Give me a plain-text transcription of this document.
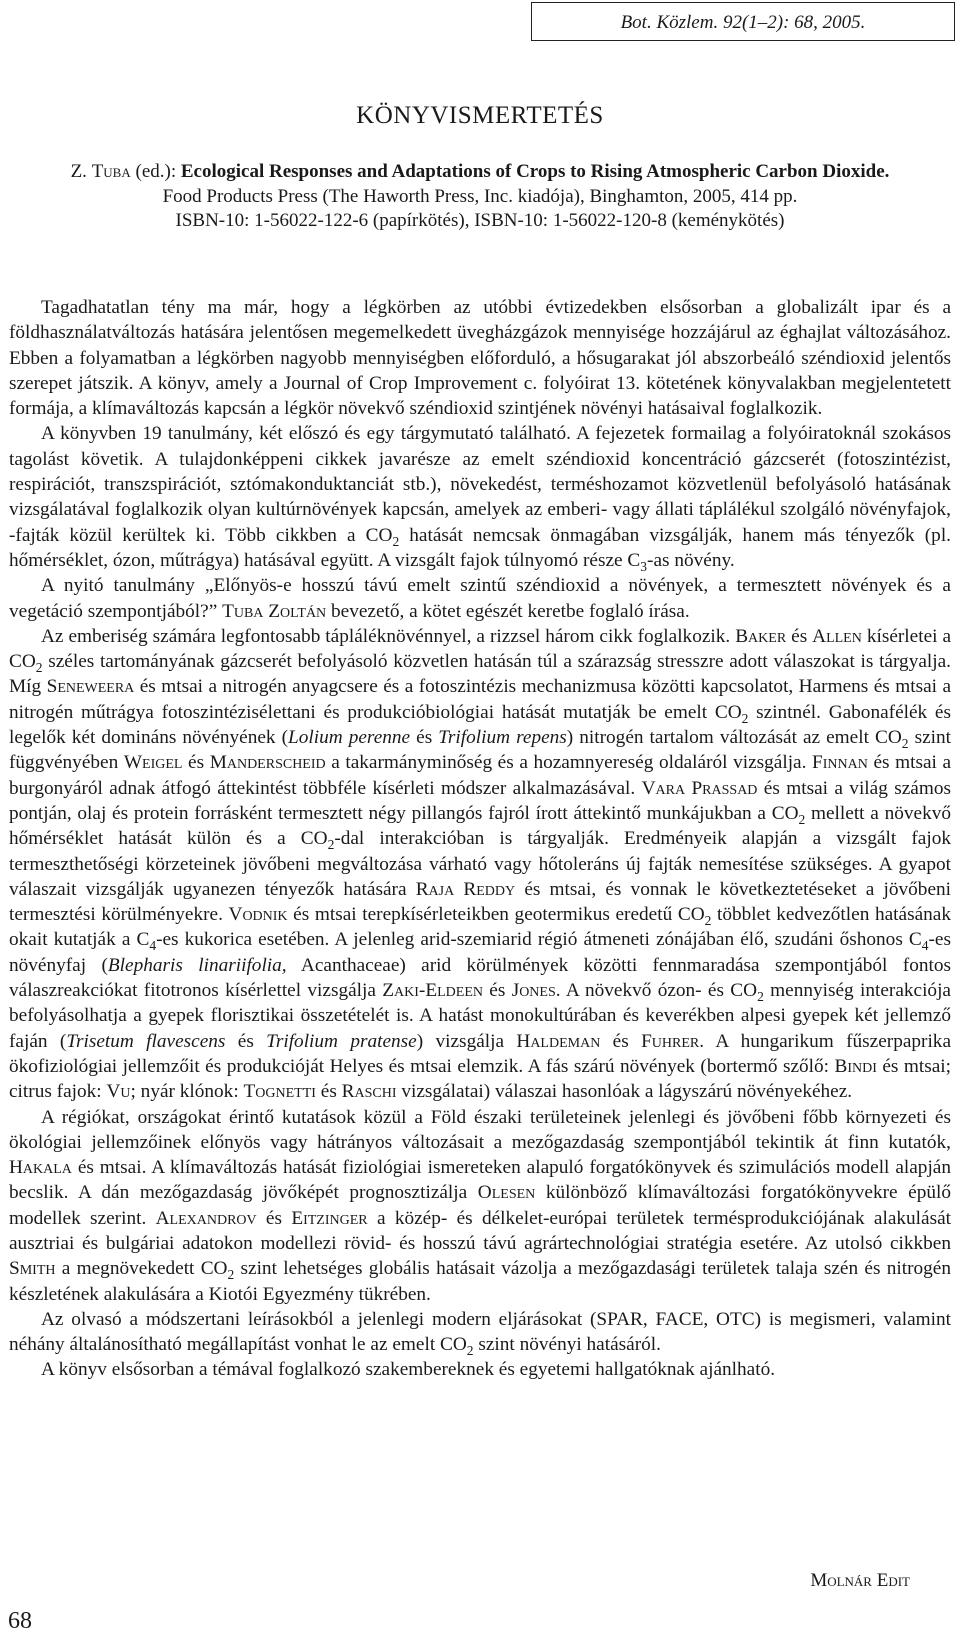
Bot. Közlem. 92(1–2): 68, 2005.
KÖNYVISMERTETÉS
Z. Tuba (ed.): Ecological Responses and Adaptations of Crops to Rising Atmospheric Carbon Dioxide.
Food Products Press (The Haworth Press, Inc. kiadója), Binghamton, 2005, 414 pp.
ISBN-10: 1-56022-122-6 (papírkötés), ISBN-10: 1-56022-120-8 (keménykötés)

Tagadhatatlan tény ma már, hogy a légkörben az utóbbi évtizedekben elsősorban a globalizált ipar és a földhasználatváltozás hatására jelentősen megemelkedett üvegházgázok mennyisége hozzájárul az éghajlat változásához. Ebben a folyamatban a légkörben nagyobb mennyiségben előforduló, a hősugarakat jól abszorbeáló széndioxid jelentős szerepet játszik. A könyv, amely a Journal of Crop Improvement c. folyóirat 13. kötetének könyvalakban megjelentetett formája, a klímaváltozás kapcsán a légkör növekvő széndioxid szintjének növényi hatásaival foglalkozik.

A könyvben 19 tanulmány, két előszó és egy tárgymutató található. A fejezetek formailag a folyóiratoknál szokásos tagolást követik. A tulajdonképpeni cikkek javarésze az emelt széndioxid koncentráció gázcserét (fotoszintézist, respirációt, transzspirációt, sztómakonduktanciát stb.), növekedést, terméshozamot közvetlenül befolyásoló hatásának vizsgálatával foglalkozik olyan kultúrnövények kapcsán, amelyek az emberi- vagy állati táplálékul szolgáló növényfajok, -fajták közül kerültek ki. Több cikkben a $CO_2$ hatását nemcsak önmagában vizsgálják, hanem más tényezők (pl. hőmérséklet, ózon, műtrágya) hatásával együtt. A vizsgált fajok túlnyomó része $C_3-as$ növény.

A nyitó tanulmány „Előnyös-e hosszú távú emelt szintű széndioxid a növények, a termesztett növények és a vegetáció szempontjából?” Tuba Zoltán bevezető, a kötet egészét keretbe foglaló írása.

Az emberiség számára legfontosabb tápláléknövénnyel, a rizzsel három cikk foglalkozik. Baker és Allen kísérletei a $CO_2$ széles tartományának gázcserét befolyásoló közvetlen hatásán túl a szárazság stresszre adott válaszokat is tárgyalja. Míg Seneweera és mtsai a nitrogén anyagcsere és a fotoszintézis mechanizmusa közötti kapcsolatot, Harmens és mtsai a nitrogén műtrágya fotoszintézisélettani és produkcióbiológiai hatását mutatják be emelt $CO_2$ szintnél. Gabonafélék és legelők két domináns növényének (Lolium perenne és Trifolium repens) nitrogén tartalom változását az emelt $CO_2$ szint függvényében Weigel és Manderscheid a takarmányminőség és a hozamnyereség oldaláról vizsgálja. Finnan és mtsai a burgonyáról adnak átfogó áttekintést többféle kísérleti módszer alkalmazásával. Vara Prassad és mtsai a világ számos pontján, olaj és protein forrásként termesztett négy pillangós fajról írott áttekintő munkájukban a $CO_2$ mellett a növekvő hőmérséklet hatását külön és a $CO_2$-dal interakcióban is tárgyalják. Eredményeik alapján a vizsgált fajok termeszthetőségi körzeteinek jövőbeni megváltozása várható vagy hőtoleráns új fajták nemesítése szükséges. A gyapot válaszait vizsgálják ugyanezen tényezők hatására Raja Reddy és mtsai, és vonnak le következtetéseket a jövőbeni termesztési körülményekre. Vodnik és mtsai terepkísérleteikben geotermikus eredetű $CO_2$ többlet kedvezőtlen hatásának okait kutatják a $C_4-es$ kukorica esetében. A jelenleg arid-szemiarid régió átmeneti zónájában élő, szudáni őshonos $C_4-es$ növényfaj (Blepharis linariifolia, Acanthaceae) arid körülmények közötti fennmaradása szempontjából fontos válaszreakciókat fitotronos kísérlettel vizsgálja Zaki-Eldeen és Jones. A növekvő ózon- és $CO_2$ mennyiség interakciója befolyásolhatja a gyepek florisztikai összetételét is. A hatást monokultúrában és keverékben alpesi gyepek két jellemző faján (Trisetum flavescens és Trifolium pratense) vizsgálja Haldeman és Fuhrer. A hungarikum fűszerpaprika ökofiziológiai jellemzőit és produkcióját Helyes és mtsai elemzik. A fás szárú növények (bortermő szőlő: Bindi és mtsai; citrus fajok: Vu; nyár klónok: Tognetti és Raschi vizsgálatai) válaszai hasonlóak a lágyszárú növényekéhez.

A régiókat, országokat érintő kutatások közül a Föld északi területeinek jelenlegi és jövőbeni főbb környezeti és ökológiai jellemzőinek előnyös vagy hátrányos változásait a mezőgazdaság szempontjából tekintik át finn kutatók, Hakala és mtsai. A klímaváltozás hatását fiziológiai ismereteken alapuló forgatókönyvek és szimulációs modell alapján becslik. A dán mezőgazdaság jövőképét prognosztizálja Olesen különböző klímaváltozási forgatókönyvekre épülő modellek szerint. Alexandrov és Eitzinger a közép- és délkelet-európai területek termésprodukciójának alakulását ausztriai és bulgáriai adatokon modellezi rövid- és hosszú távú agrártechnológiai stratégia esetére. Az utolsó cikkben Smith a megnövekedett $CO_2$ szint lehetséges globális hatásait vázolja a mezőgazdasági területek talaja szén és nitrogén készletének alakulására a Kiotói Egyezmény tükrében.

Az olvasó a módszertani leírásokból a jelenlegi modern eljárásokat (SPAR, FACE, OTC) is megismeri, valamint néhány általánosítható megállapítást vonhat le az emelt $CO_2$ szint növényi hatásáról.

A könyv elsősorban a témával foglalkozó szakembereknek és egyetemi hallgatóknak ajánlható.

Molnár Edit
68
